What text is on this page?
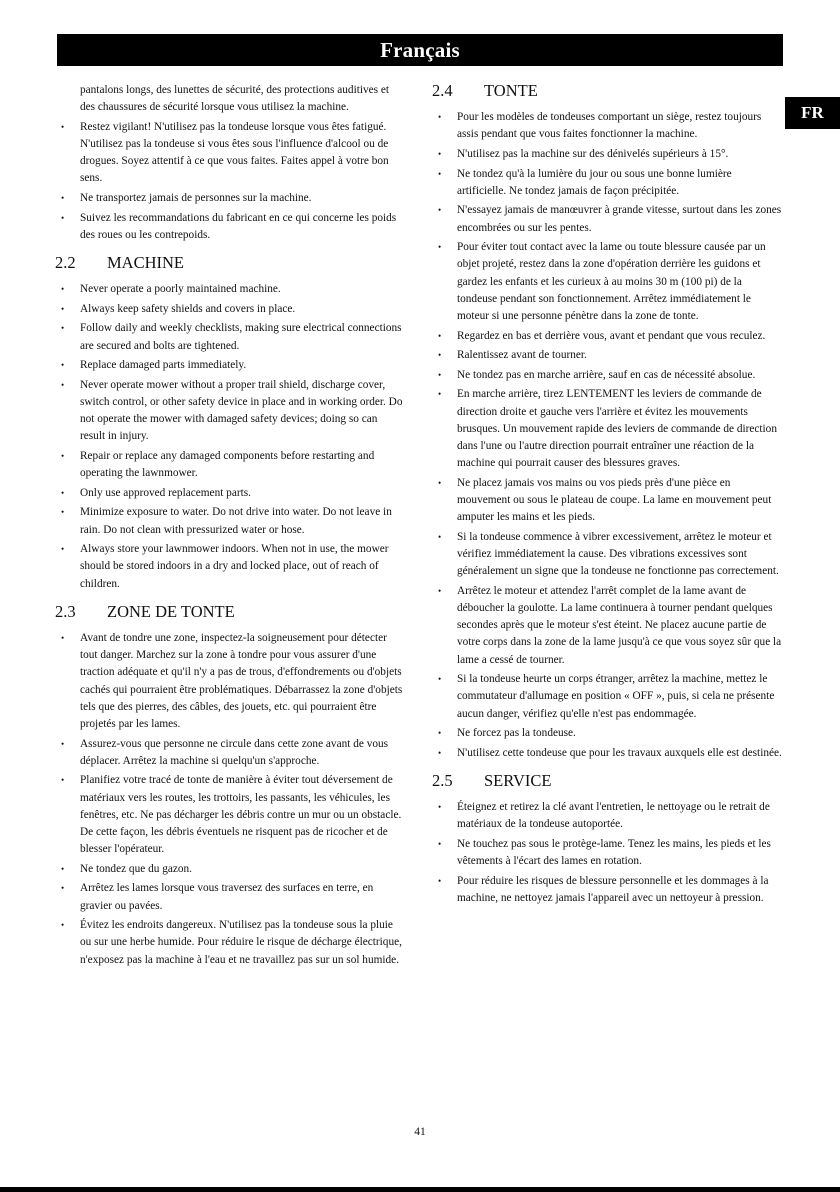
Français
FR
pantalons longs, des lunettes de sécurité, des protections auditives et des chaussures de sécurité lorsque vous utilisez la machine.
• Restez vigilant! N'utilisez pas la tondeuse lorsque vous êtes fatigué. N'utilisez pas la tondeuse si vous êtes sous l'influence d'alcool ou de drogues. Soyez attentif à ce que vous faites. Faites appel à votre bon sens.
• Ne transportez jamais de personnes sur la machine.
• Suivez les recommandations du fabricant en ce qui concerne les poids des roues ou les contrepoids.
2.2	MACHINE
• Never operate a poorly maintained machine.
• Always keep safety shields and covers in place.
• Follow daily and weekly checklists, making sure electrical connections are secured and bolts are tightened.
• Replace damaged parts immediately.
• Never operate mower without a proper trail shield, discharge cover, switch control, or other safety device in place and in working order. Do not operate the mower with damaged safety devices; doing so can result in injury.
• Repair or replace any damaged components before restarting and operating the lawnmower.
• Only use approved replacement parts.
• Minimize exposure to water. Do not drive into water. Do not leave in rain. Do not clean with pressurized water or hose.
• Always store your lawnmower indoors. When not in use, the mower should be stored indoors in a dry and locked place, out of reach of children.
2.3	ZONE DE TONTE
• Avant de tondre une zone, inspectez-la soigneusement pour détecter tout danger. Marchez sur la zone à tondre pour vous assurer d'une traction adéquate et qu'il n'y a pas de trous, d'effondrements ou d'objets cachés qui pourraient être problématiques. Débarrassez la zone d'objets tels que des pierres, des câbles, des jouets, etc. qui pourraient être projetés par les lames.
• Assurez-vous que personne ne circule dans cette zone avant de vous déplacer. Arrêtez la machine si quelqu'un s'approche.
• Planifiez votre tracé de tonte de manière à éviter tout déversement de matériaux vers les routes, les trottoirs, les passants, les véhicules, les fenêtres, etc. Ne pas décharger les débris contre un mur ou un obstacle. De cette façon, les débris éventuels ne risquent pas de ricocher et de blesser l'opérateur.
• Ne tondez que du gazon.
• Arrêtez les lames lorsque vous traversez des surfaces en terre, en gravier ou pavées.
• Évitez les endroits dangereux. N'utilisez pas la tondeuse sous la pluie ou sur une herbe humide. Pour réduire le risque de décharge électrique, n'exposez pas la machine à l'eau et ne travaillez pas sur un sol humide.
2.4	TONTE
• Pour les modèles de tondeuses comportant un siège, restez toujours assis pendant que vous faites fonctionner la machine.
• N'utilisez pas la machine sur des dénivelés supérieurs à 15°.
• Ne tondez qu'à la lumière du jour ou sous une bonne lumière artificielle. Ne tondez jamais de façon précipitée.
• N'essayez jamais de manœuvrer à grande vitesse, surtout dans les zones encombrées ou sur les pentes.
• Pour éviter tout contact avec la lame ou toute blessure causée par un objet projeté, restez dans la zone d'opération derrière les guidons et gardez les enfants et les curieux à au moins 30 m (100 pi) de la tondeuse pendant son fonctionnement. Arrêtez immédiatement le moteur si une personne pénètre dans la zone de tonte.
• Regardez en bas et derrière vous, avant et pendant que vous reculez.
• Ralentissez avant de tourner.
• Ne tondez pas en marche arrière, sauf en cas de nécessité absolue.
• En marche arrière, tirez LENTEMENT les leviers de commande de direction droite et gauche vers l'arrière et évitez les mouvements brusques. Un mouvement rapide des leviers de commande de direction dans l'une ou l'autre direction pourrait entraîner une réaction de la machine qui pourrait causer des blessures graves.
• Ne placez jamais vos mains ou vos pieds près d'une pièce en mouvement ou sous le plateau de coupe. La lame en mouvement peut amputer les mains et les pieds.
• Si la tondeuse commence à vibrer excessivement, arrêtez le moteur et vérifiez immédiatement la cause. Des vibrations excessives sont généralement un signe que la tondeuse ne fonctionne pas correctement.
• Arrêtez le moteur et attendez l'arrêt complet de la lame avant de déboucher la goulotte. La lame continuera à tourner pendant quelques secondes après que le moteur s'est éteint. Ne placez aucune partie de votre corps dans la zone de la lame jusqu'à ce que vous soyez sûr que la lame a cessé de tourner.
• Si la tondeuse heurte un corps étranger, arrêtez la machine, mettez le commutateur d'allumage en position « OFF », puis, si cela ne présente aucun danger, vérifiez qu'elle n'est pas endommagée.
• Ne forcez pas la tondeuse.
• N'utilisez cette tondeuse que pour les travaux auxquels elle est destinée.
2.5	SERVICE
• Éteignez et retirez la clé avant l'entretien, le nettoyage ou le retrait de matériaux de la tondeuse autoportée.
• Ne touchez pas sous le protège-lame. Tenez les mains, les pieds et les vêtements à l'écart des lames en rotation.
• Pour réduire les risques de blessure personnelle et les dommages à la machine, ne nettoyez jamais l'appareil avec un nettoyeur à pression.
41
